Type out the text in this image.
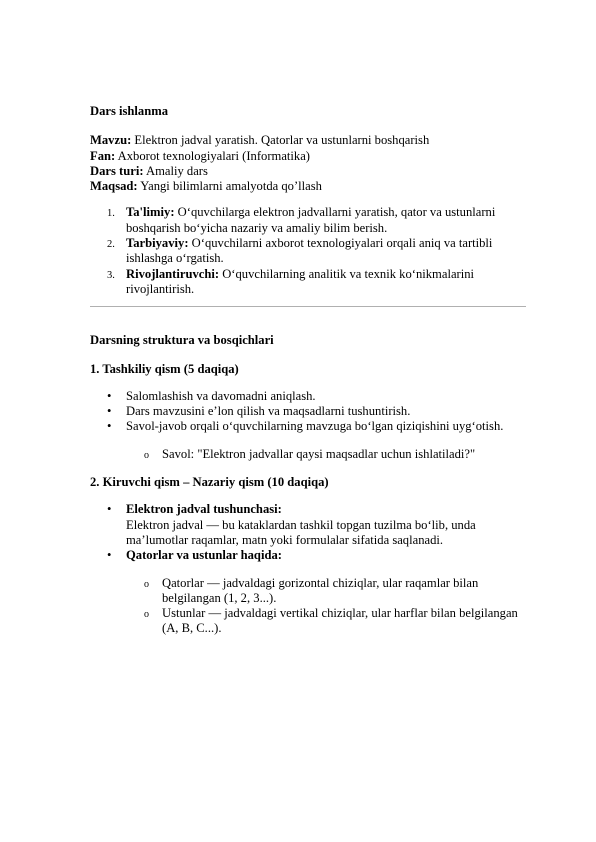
Dars ishlanma

Mavzu: Elektron jadval yaratish. Qatorlar va ustunlarni boshqarish

Fan: Axborot texnologiyalari (Informatika)

Dars turi: Amaliy dars

Maqsad: Yangi bilimlarni amalyotda qo’llash

1. Ta'limiy: O‘quvchilarga elektron jadvallarni yaratish, qator va ustunlarni boshqarish bo‘yicha nazariy va amaliy bilim berish.
2. Tarbiyaviy: O‘quvchilarni axborot texnologiyalari orqali aniq va tartibli ishlashga o‘rgatish.
3. Rivojlantiruvchi: O‘quvchilarning analitik va texnik ko‘nikmalarini rivojlantirish.

Darsning struktura va bosqichlari

1. Tashkiliy qism (5 daqiqa)

• Salomlashish va davomadni aniqlash.
• Dars mavzusini e’lon qilish va maqsadlarni tushuntirish.
• Savol-javob orqali o‘quvchilarning mavzuga bo‘lgan qiziqishini uyg‘otish.
o Savol: "Elektron jadvallar qaysi maqsadlar uchun ishlatiladi?"

2. Kiruvchi qism – Nazariy qism (10 daqiqa)

• Elektron jadval tushunchasi:
Elektron jadval — bu kataklardan tashkil topgan tuzilma bo‘lib, unda ma’lumotlar raqamlar, matn yoki formulalar sifatida saqlanadi.
• Qatorlar va ustunlar haqida:
o Qatorlar — jadvaldagi gorizontal chiziqlar, ular raqamlar bilan belgilangan (1, 2, 3...).
o Ustunlar — jadvaldagi vertikal chiziqlar, ular harflar bilan belgilangan (A, B, C...).
